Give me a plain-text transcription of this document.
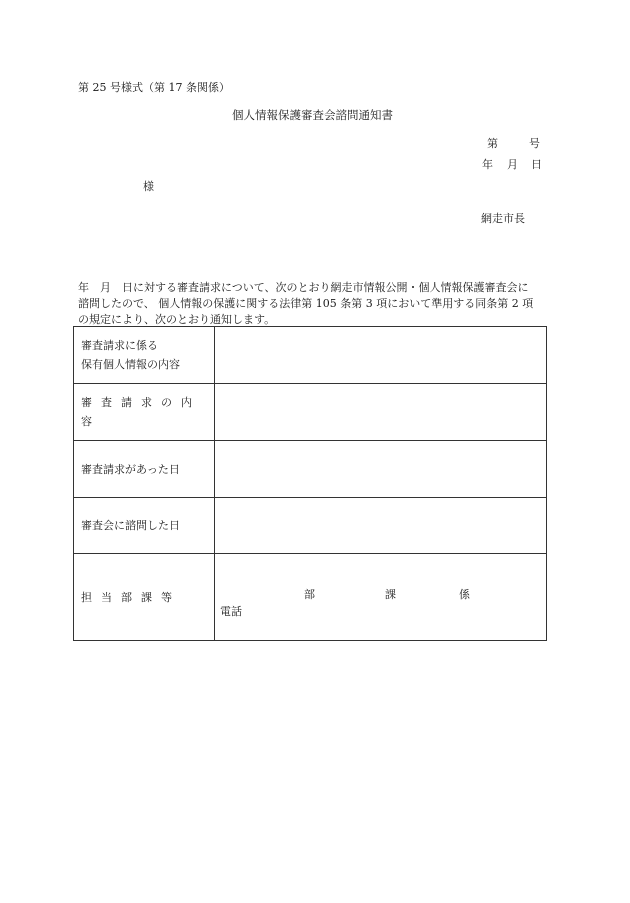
第 25 号様式（第 17 条関係）
個人情報保護審査会諮問通知書
第	号
年 月 日
様
網走市長
年　月　日に対する審査請求について、次のとおり網走市情報公開・個人情報保護審査会に
諮問したので、 個人情報の保護に関する法律第 105 条第 3 項において準用する同条第 2 項
の規定により、次のとおり通知します。
審査請求に係る
保有個人情報の内容	

審査請求の内容	
審査請求があった日	
審査会に諮問した日	
担当部課等	部 課 係
電話
